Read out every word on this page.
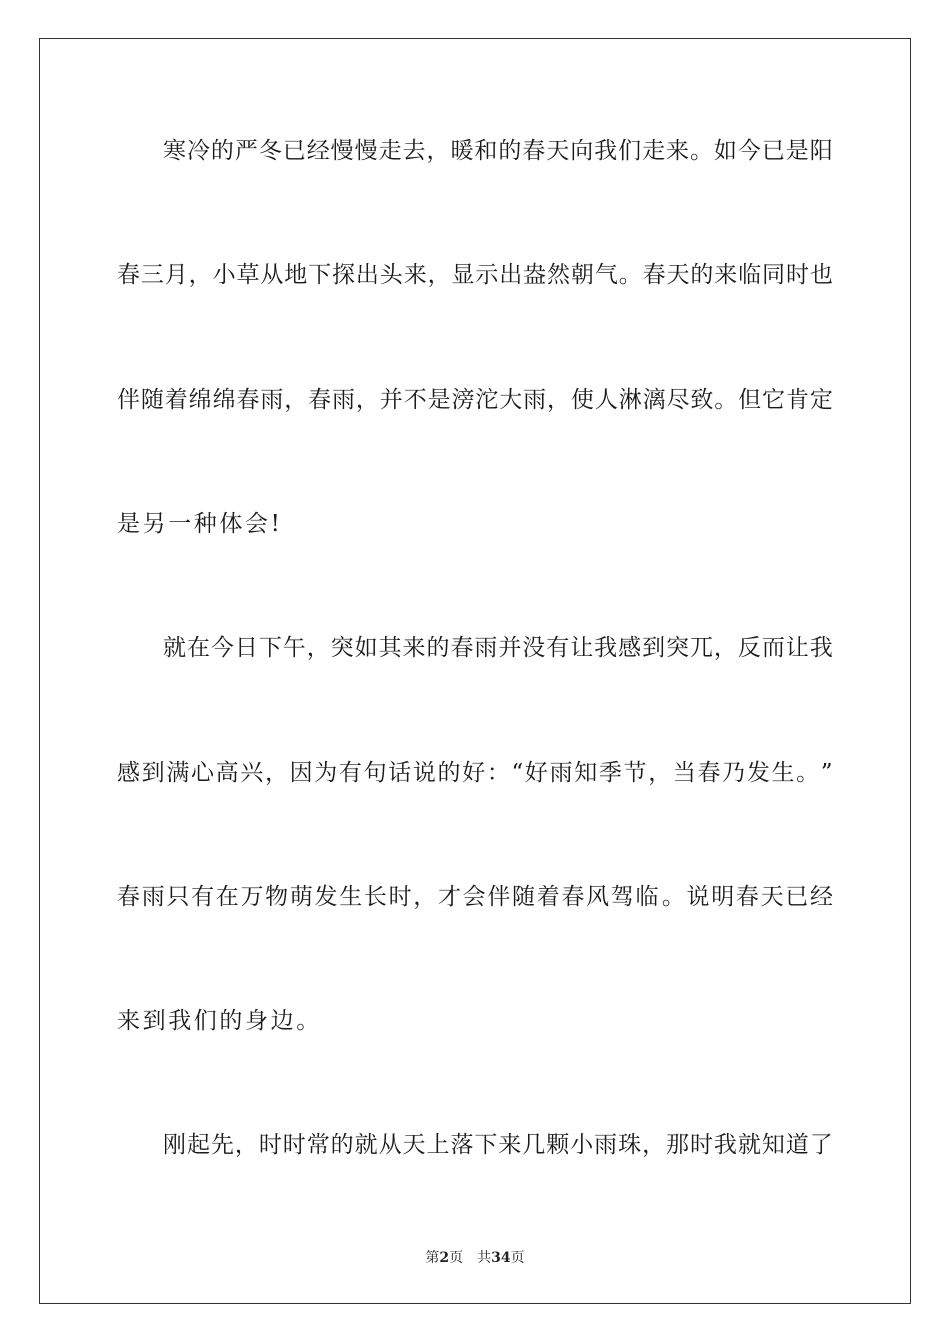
寒 冷 的 严 冬 已 经 慢 慢 走 去 ， 暖 和 的 春 天 向 我 们 走 来 。 如 今 已 是 阳
春 三 月 ， 小 草 从 地 下 探 出 头 来 ， 显 示 出 盎 然 朝 气 。 春 天 的 来 临 同 时 也
伴 随 着 绵 绵 春 雨 ， 春 雨 ， 并 不 是 滂 沱 大 雨 ， 使 人 淋 漓 尽 致 。 但 它 肯 定
是另一种体会!
就 在 今 日 下 午 ， 突 如 其 来 的 春 雨 并 没 有 让 我 感 到 突 兀 ， 反 而 让 我
感 到 满 心 高 兴 ， 因 为 有 句 话 说 的 好 ： “ 好 雨 知 季 节 ， 当 春 乃 发 生 。 ”
春 雨 只 有 在 万 物 萌 发 生 长 时 ， 才 会 伴 随 着 春 风 驾 临 。 说 明 春 天 已 经
来到我们的身边。
刚 起 先 ， 时 时 常 的 就 从 天 上 落 下 来 几 颗 小 雨 珠 ， 那 时 我 就 知 道 了
第2页 共34页
